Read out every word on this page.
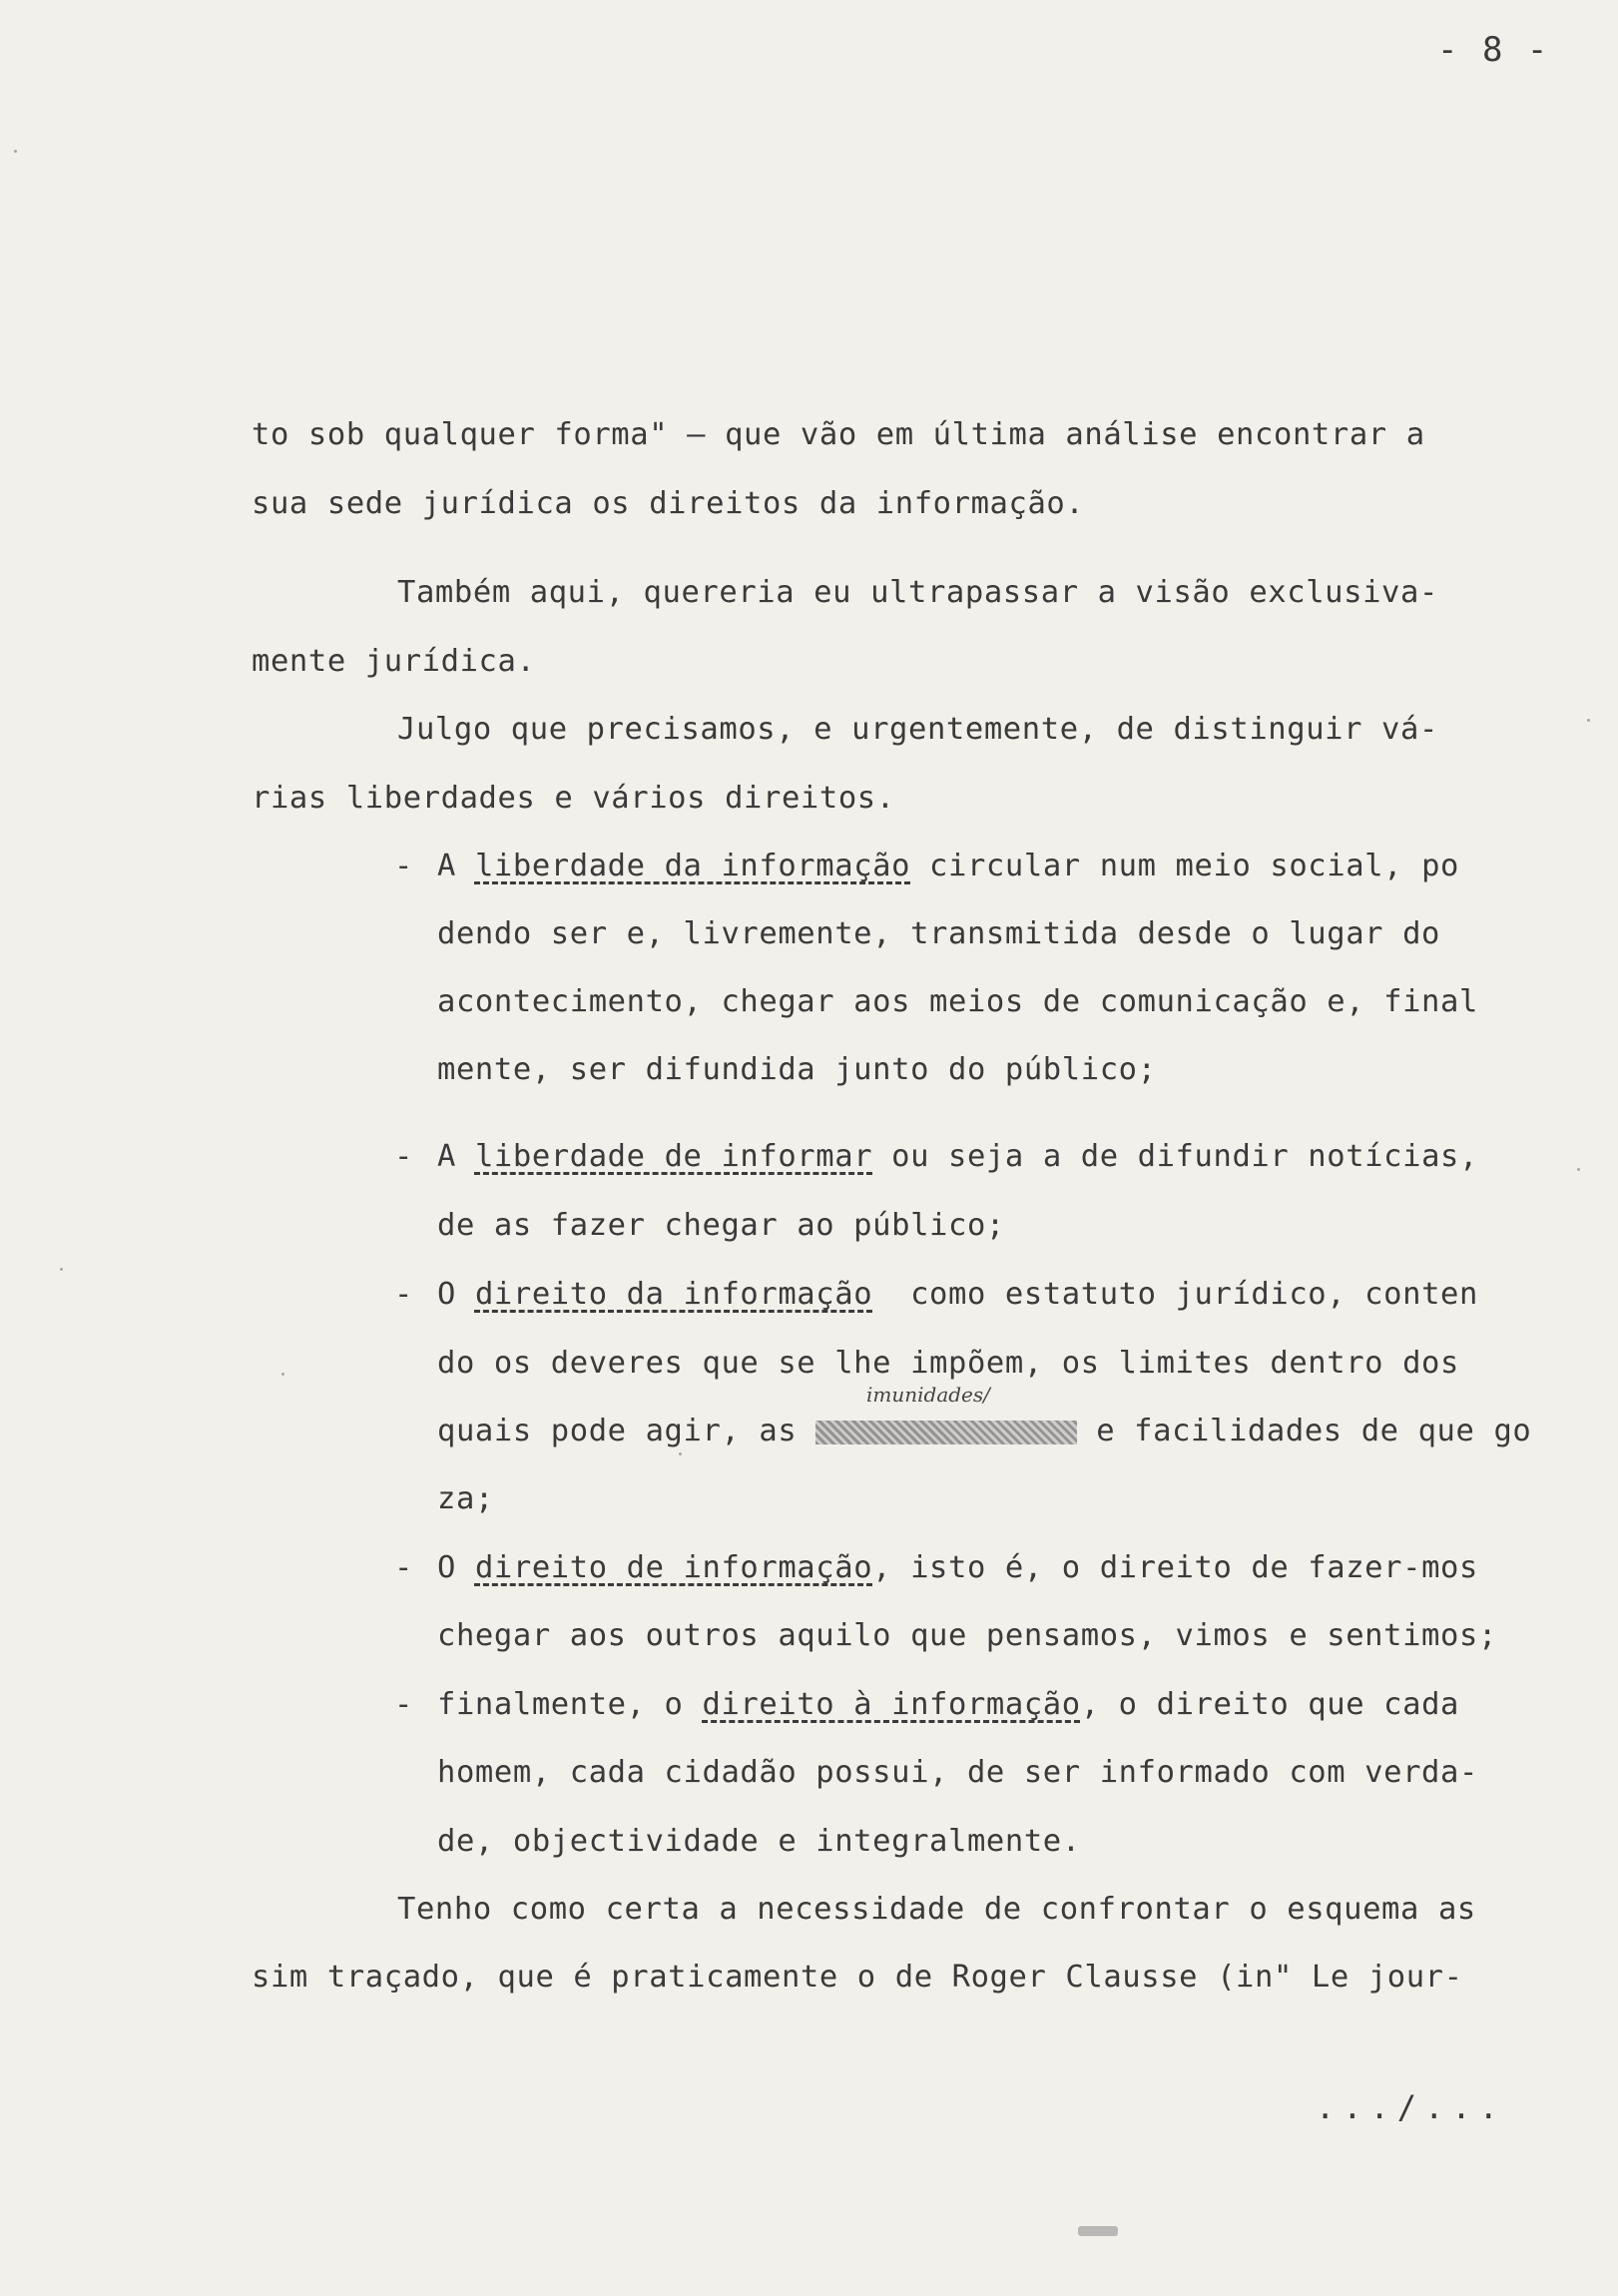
- 8 -
to sob qualquer forma" — que vão em última análise encontrar a
sua sede jurídica os direitos da informação.
Também aqui, quereria eu ultrapassar a visão exclusiva-
mente jurídica.
Julgo que precisamos, e urgentemente, de distinguir vá-
rias liberdades e vários direitos.
- A liberdade da informação circular num meio social, po
dendo ser e, livremente, transmitida desde o lugar do
acontecimento, chegar aos meios de comunicação e, final
mente, ser difundida junto do público;
- A liberdade de informar ou seja a de difundir notícias,
de as fazer chegar ao público;
- O direito da informação  como estatuto jurídico, conten
do os deveres que se lhe impõem, os limites dentro dos
imunidades/
quais pode agir, as	e facilidades de que go
za;
- O direito de informação, isto é, o direito de fazer-mos
chegar aos outros aquilo que pensamos, vimos e sentimos;
- finalmente, o direito à informação, o direito que cada
homem, cada cidadão possui, de ser informado com verda-
de, objectividade e integralmente.
Tenho como certa a necessidade de confrontar o esquema as
sim traçado, que é praticamente o de Roger Clausse (in" Le jour-
.../...
